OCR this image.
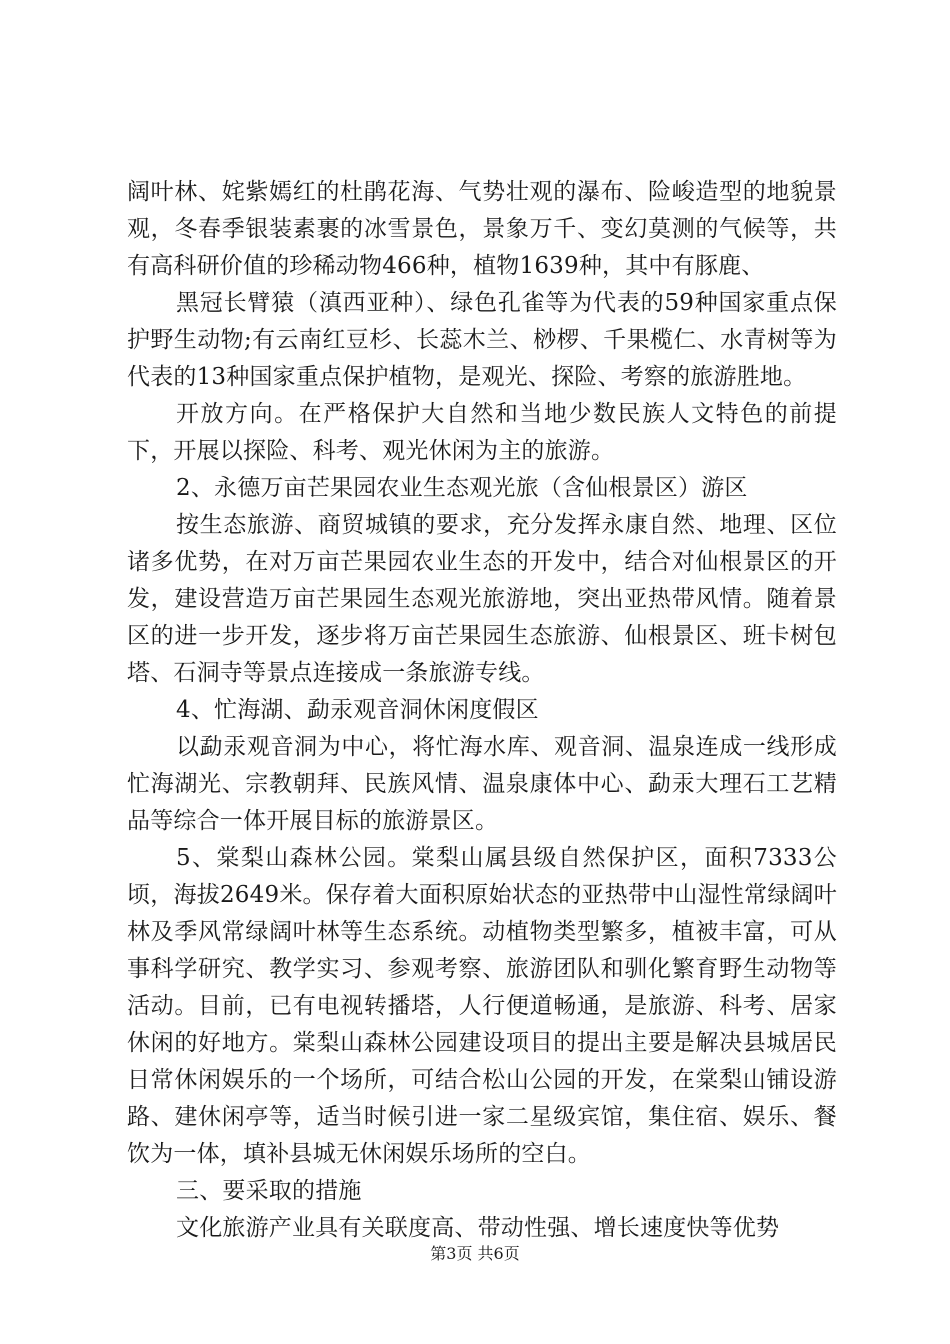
阔叶林、姹紫嫣红的杜鹃花海、气势壮观的瀑布、险峻造型的地貌景观，冬春季银装素裹的冰雪景色，景象万千、变幻莫测的气候等，共有高科研价值的珍稀动物466种，植物1639种，其中有豚鹿、

黑冠长臂猿（滇西亚种）、绿色孔雀等为代表的59种国家重点保护野生动物;有云南红豆杉、长蕊木兰、桫椤、千果榄仁、水青树等为代表的13种国家重点保护植物，是观光、探险、考察的旅游胜地。

开放方向。在严格保护大自然和当地少数民族人文特色的前提下，开展以探险、科考、观光休闲为主的旅游。

2、永德万亩芒果园农业生态观光旅（含仙根景区）游区

按生态旅游、商贸城镇的要求，充分发挥永康自然、地理、区位诸多优势，在对万亩芒果园农业生态的开发中，结合对仙根景区的开发，建设营造万亩芒果园生态观光旅游地，突出亚热带风情。随着景区的进一步开发，逐步将万亩芒果园生态旅游、仙根景区、班卡树包塔、石洞寺等景点连接成一条旅游专线。

4、忙海湖、勐汞观音洞休闲度假区

以勐汞观音洞为中心，将忙海水库、观音洞、温泉连成一线形成忙海湖光、宗教朝拜、民族风情、温泉康体中心、勐汞大理石工艺精品等综合一体开展目标的旅游景区。

5、棠梨山森林公园。棠梨山属县级自然保护区，面积7333公顷，海拔2649米。保存着大面积原始状态的亚热带中山湿性常绿阔叶林及季风常绿阔叶林等生态系统。动植物类型繁多，植被丰富，可从事科学研究、教学实习、参观考察、旅游团队和驯化繁育野生动物等活动。目前，已有电视转播塔，人行便道畅通，是旅游、科考、居家休闲的好地方。棠梨山森林公园建设项目的提出主要是解决县城居民日常休闲娱乐的一个场所，可结合松山公园的开发，在棠梨山铺设游路、建休闲亭等，适当时候引进一家二星级宾馆，集住宿、娱乐、餐饮为一体，填补县城无休闲娱乐场所的空白。

三、要采取的措施

文化旅游产业具有关联度高、带动性强、增长速度快等优势

第3页 共6页
